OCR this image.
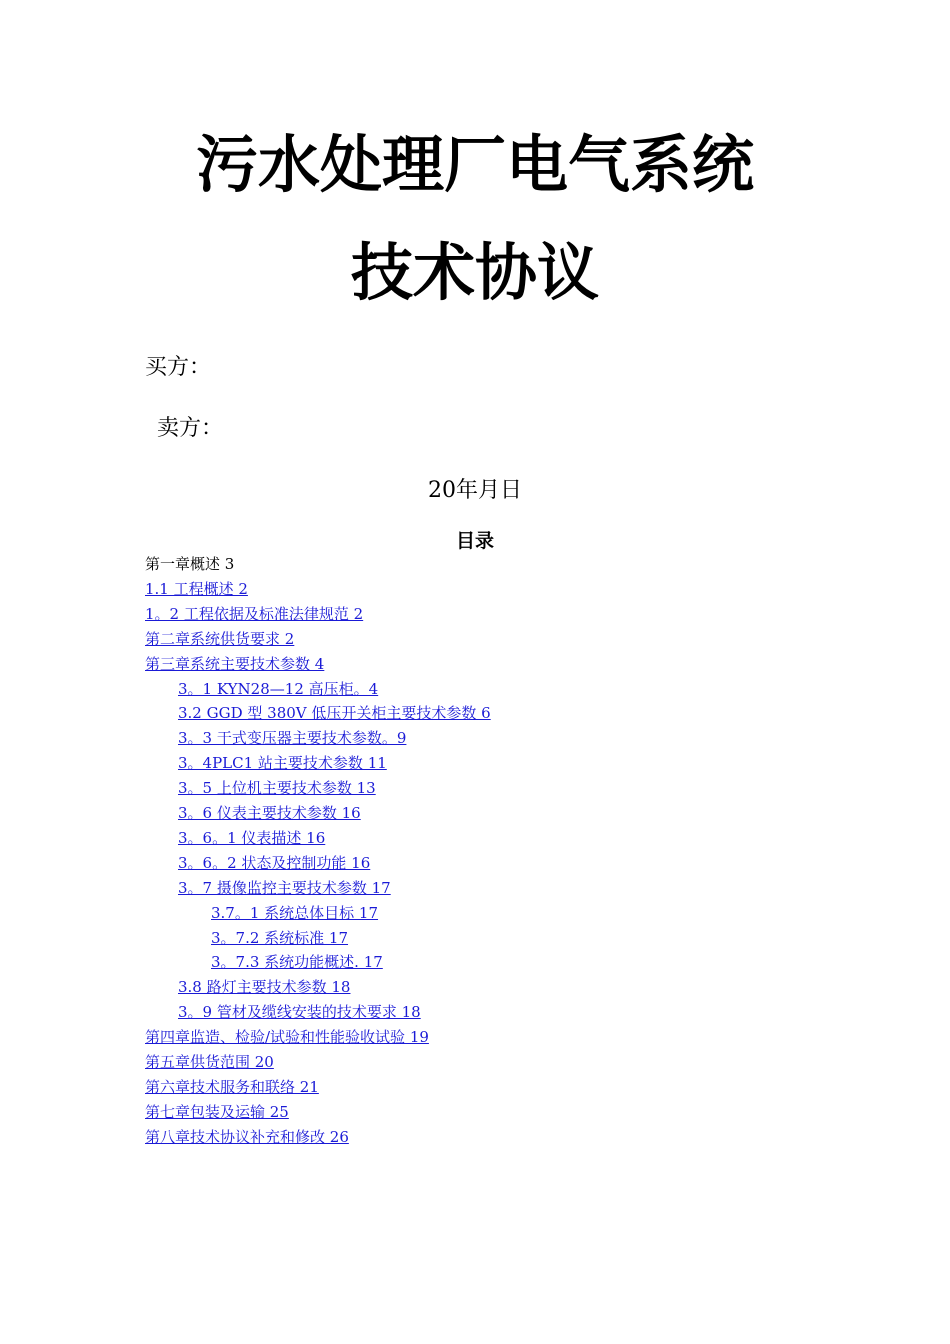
污水处理厂电气系统
技术协议
买方：
卖方：
20年月日
目录
第一章概述 3
1.1 工程概述 2
1。2 工程依据及标准法律规范 2
第二章系统供货要求 2
第三章系统主要技术参数 4
3。1 KYN28—12 高压柜。4
3.2 GGD 型 380V 低压开关柜主要技术参数 6
3。3 干式变压器主要技术参数。9
3。4PLC1 站主要技术参数 11
3。5 上位机主要技术参数 13
3。6 仪表主要技术参数 16
3。6。1 仪表描述 16
3。6。2 状态及控制功能 16
3。7 摄像监控主要技术参数 17
3.7。1 系统总体目标 17
3。7.2 系统标准 17
3。7.3 系统功能概述. 17
3.8 路灯主要技术参数 18
3。9 管材及缆线安装的技术要求 18
第四章监造、检验/试验和性能验收试验 19
第五章供货范围 20
第六章技术服务和联络 21
第七章包装及运输 25
第八章技术协议补充和修改 26
